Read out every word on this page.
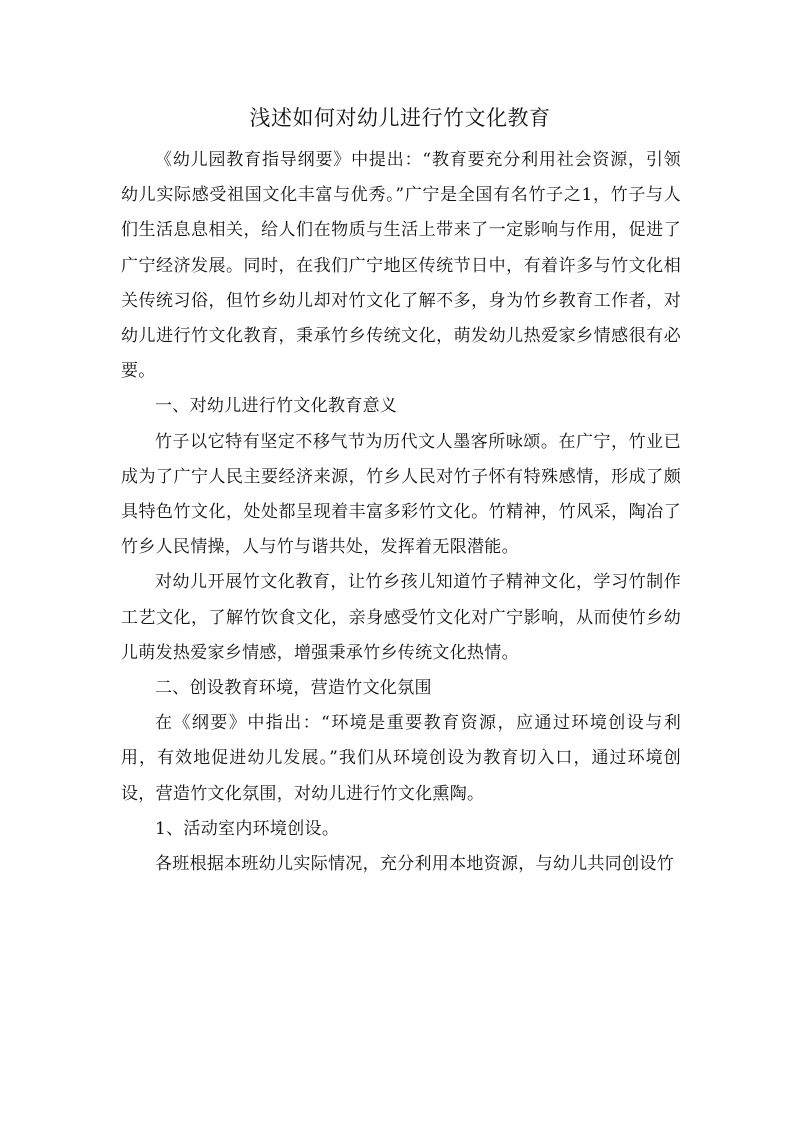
浅述如何对幼儿进行竹文化教育

《幼儿园教育指导纲要》中提出：“教育要充分利用社会资源，引领幼儿实际感受祖国文化丰富与优秀。”广宁是全国有名竹子之1，竹子与人们生活息息相关，给人们在物质与生活上带来了一定影响与作用，促进了广宁经济发展。同时，在我们广宁地区传统节日中，有着许多与竹文化相关传统习俗，但竹乡幼儿却对竹文化了解不多，身为竹乡教育工作者，对幼儿进行竹文化教育，秉承竹乡传统文化，萌发幼儿热爱家乡情感很有必要。

一、对幼儿进行竹文化教育意义

竹子以它特有坚定不移气节为历代文人墨客所咏颂。在广宁，竹业已成为了广宁人民主要经济来源，竹乡人民对竹子怀有特殊感情，形成了颇具特色竹文化，处处都呈现着丰富多彩竹文化。竹精神，竹风采，陶冶了竹乡人民情操，人与竹与谐共处，发挥着无限潜能。

对幼儿开展竹文化教育，让竹乡孩儿知道竹子精神文化，学习竹制作工艺文化，了解竹饮食文化，亲身感受竹文化对广宁影响，从而使竹乡幼儿萌发热爱家乡情感，增强秉承竹乡传统文化热情。

二、创设教育环境，营造竹文化氛围

在《纲要》中指出：“环境是重要教育资源，应通过环境创设与利用，有效地促进幼儿发展。”我们从环境创设为教育切入口，通过环境创设，营造竹文化氛围，对幼儿进行竹文化熏陶。

1、活动室内环境创设。

各班根据本班幼儿实际情况，充分利用本地资源，与幼儿共同创设竹
